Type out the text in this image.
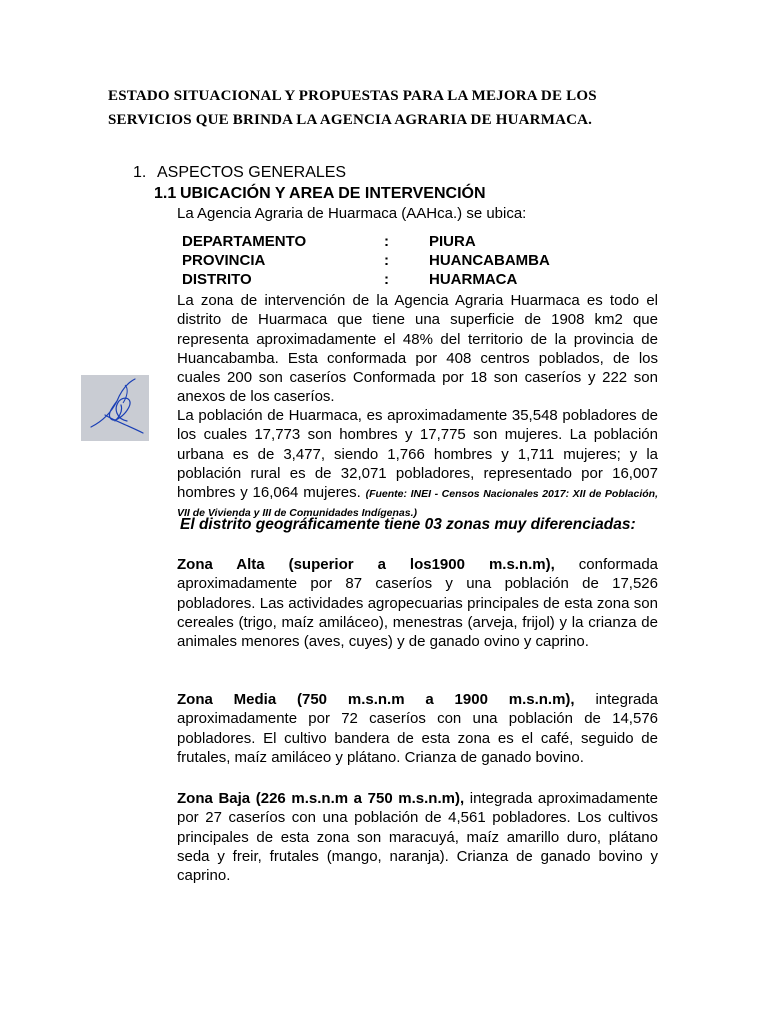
ESTADO SITUACIONAL Y PROPUESTAS PARA LA MEJORA DE LOS
SERVICIOS QUE BRINDA LA AGENCIA AGRARIA DE HUARMACA.
1. ASPECTOS GENERALES
1.1 UBICACIÓN Y AREA DE INTERVENCIÓN
La Agencia Agraria de Huarmaca (AAHca.) se ubica:
DEPARTAMENTO	:	PIURA
PROVINCIA	:	HUANCABAMBA
DISTRITO	:	HUARMACA
La zona de intervención de la Agencia Agraria Huarmaca es todo el distrito de Huarmaca que tiene una superficie de 1908 km2 que representa aproximadamente el 48% del territorio de la provincia de Huancabamba. Esta conformada por 408 centros poblados, de los cuales 200 son caseríos Conformada por 18 son caseríos y 222 son anexos de los caseríos.
La población de Huarmaca, es aproximadamente 35,548 pobladores de los cuales 17,773 son hombres y 17,775 son mujeres. La población urbana es de 3,477, siendo 1,766 hombres y 1,711 mujeres; y la población rural es de 32,071 pobladores, representado por 16,007 hombres y 16,064 mujeres. (Fuente: INEI - Censos Nacionales 2017: XII de Población, VII de Vivienda y III de Comunidades Indígenas.)
El distrito geográficamente tiene 03 zonas muy diferenciadas:
Zona Alta (superior a los1900 m.s.n.m), conformada aproximadamente por 87 caseríos y una población de 17,526 pobladores. Las actividades agropecuarias principales de esta zona son cereales (trigo, maíz amiláceo), menestras (arveja, frijol) y la crianza de animales menores (aves, cuyes) y de ganado ovino y caprino.
Zona Media (750 m.s.n.m a 1900 m.s.n.m), integrada aproximadamente por 72 caseríos con una población de 14,576 pobladores. El cultivo bandera de esta zona es el café, seguido de frutales, maíz amiláceo y plátano. Crianza de ganado bovino.
Zona Baja (226 m.s.n.m a 750 m.s.n.m), integrada aproximadamente por 27 caseríos con una población de 4,561 pobladores. Los cultivos principales de esta zona son maracuyá, maíz amarillo duro, plátano seda y freir, frutales (mango, naranja). Crianza de ganado bovino y caprino.
